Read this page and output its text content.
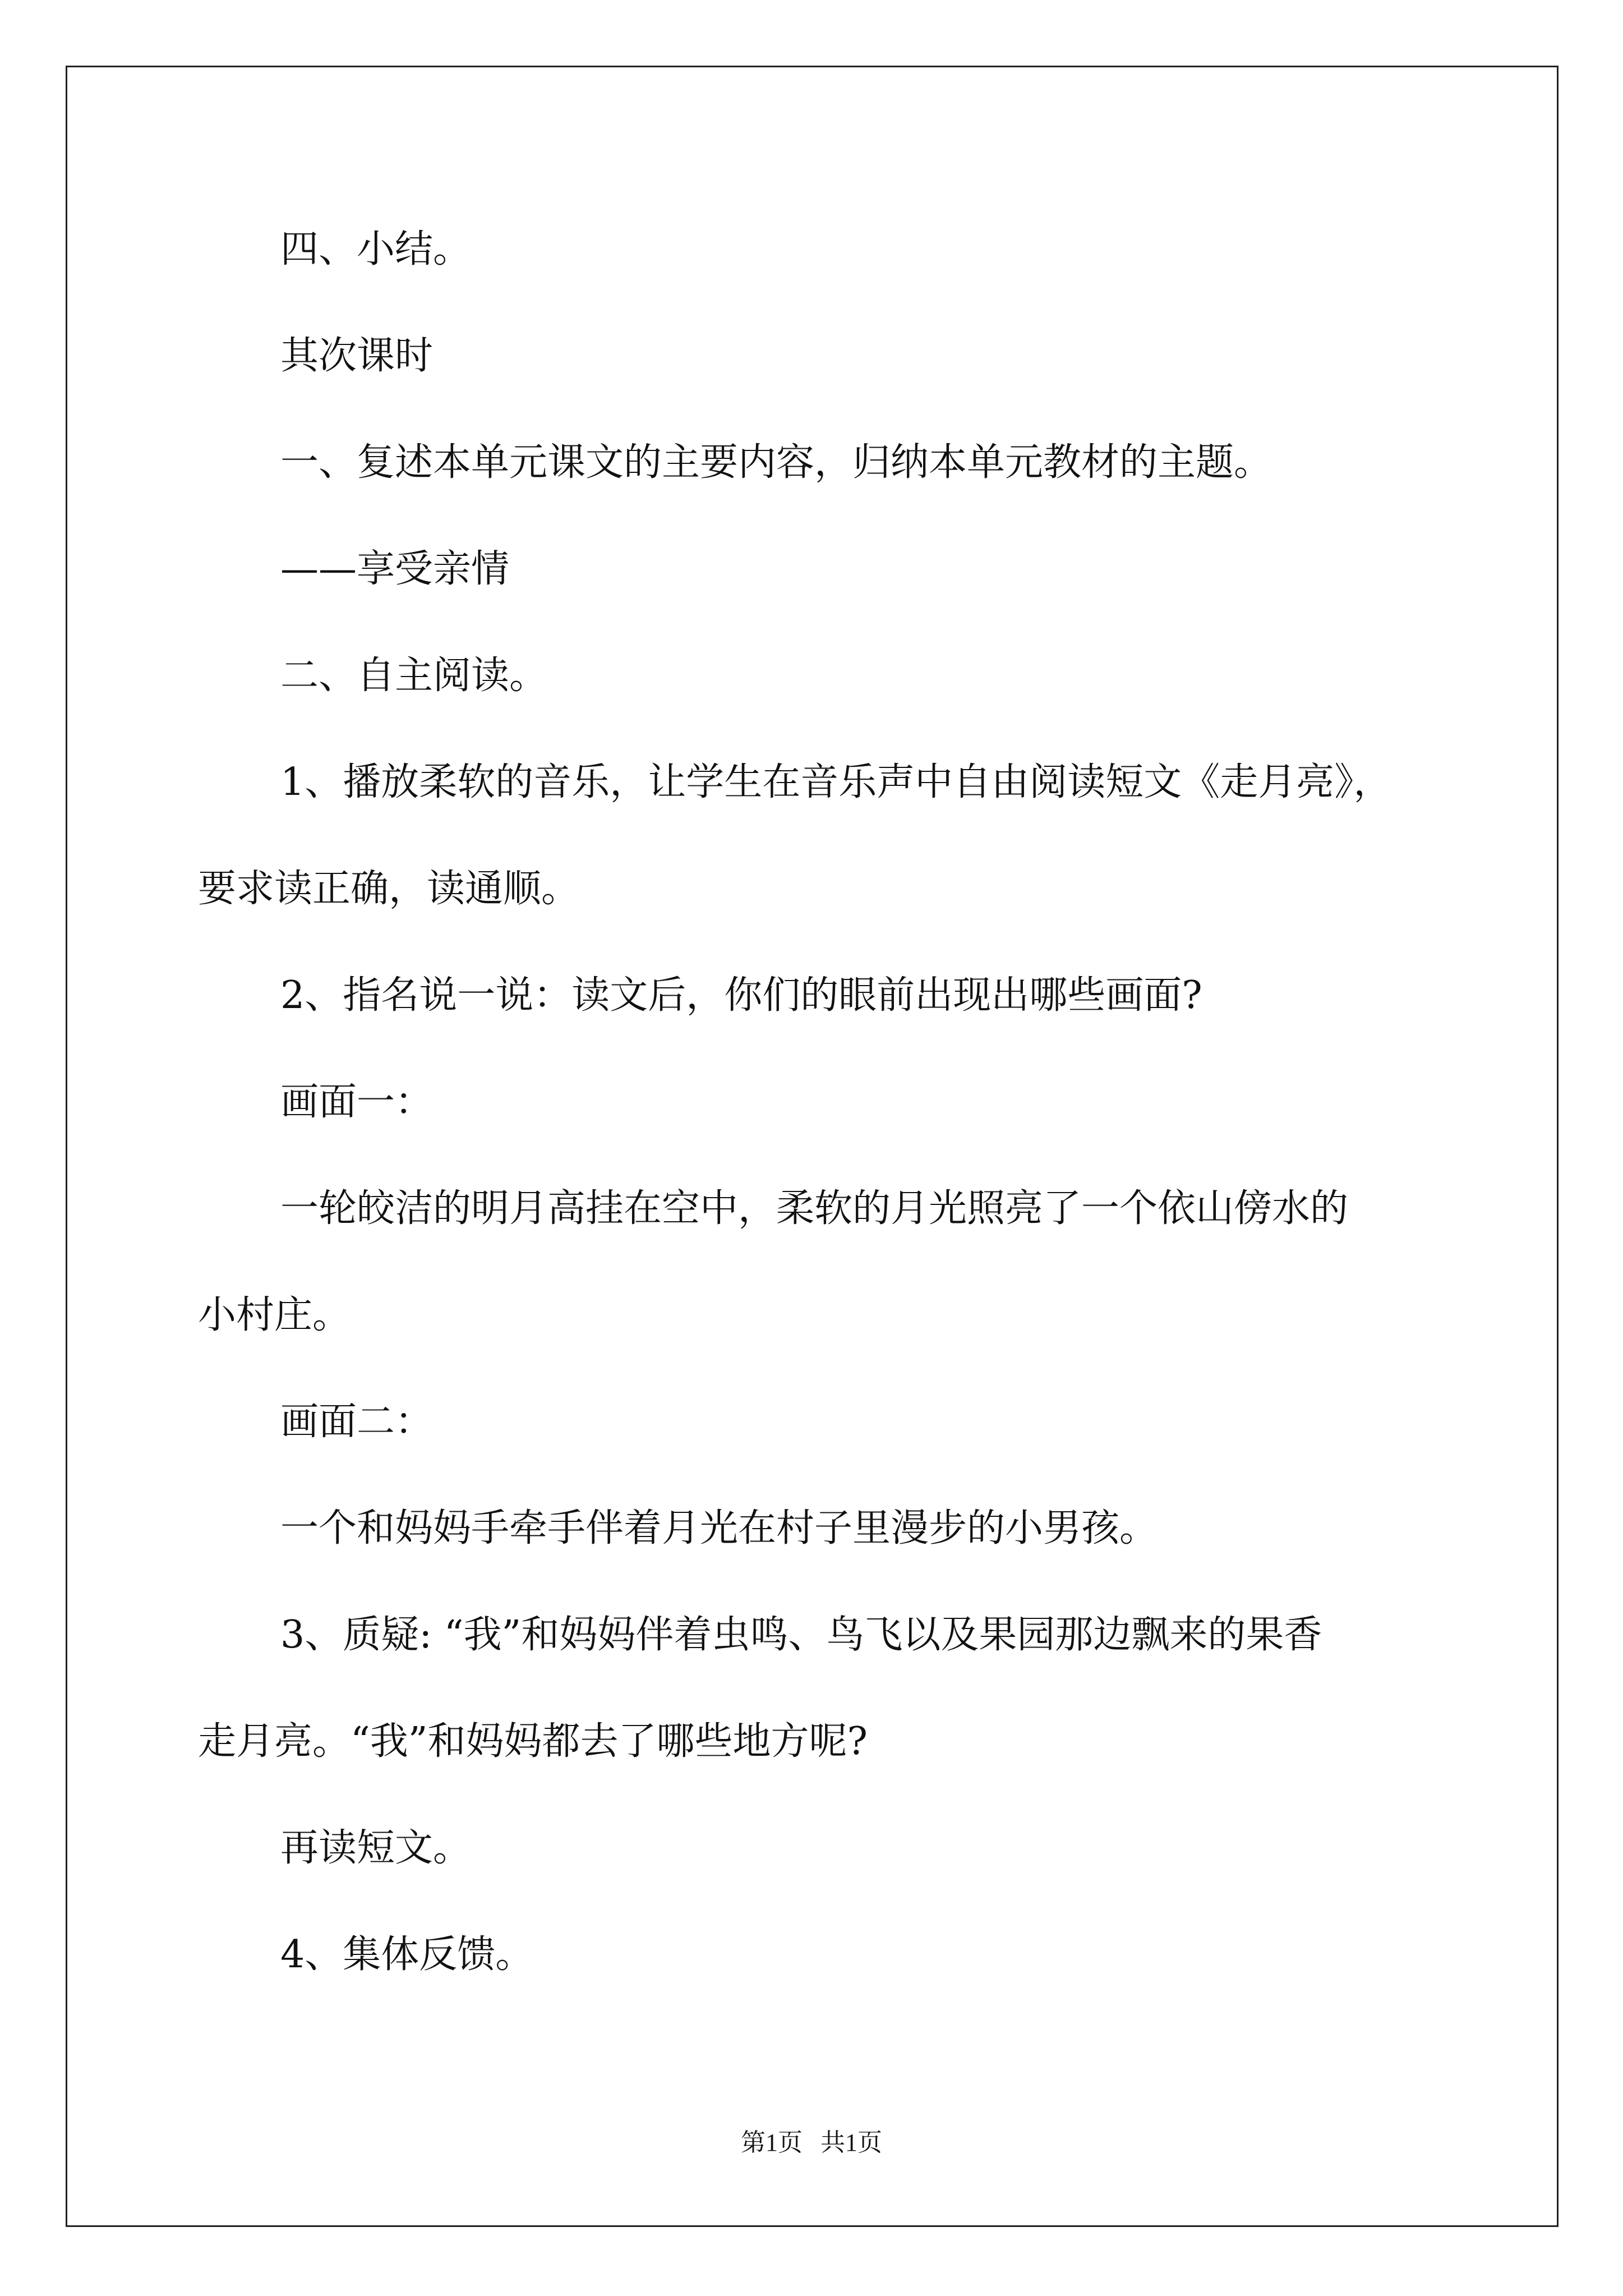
四、小结。
其次课时
一、复述本单元课文的主要内容，归纳本单元教材的主题。
——享受亲情
二、自主阅读。
1、播放柔软的音乐，让学生在音乐声中自由阅读短文《走月亮》，
要求读正确，读通顺。
2、指名说一说：读文后，你们的眼前出现出哪些画面?
画面一：
一轮皎洁的明月高挂在空中，柔软的月光照亮了一个依山傍水的
小村庄。
画面二：
一个和妈妈手牵手伴着月光在村子里漫步的小男孩。
3、质疑: “我”和妈妈伴着虫鸣、鸟飞以及果园那边飘来的果香
走月亮。“我”和妈妈都去了哪些地方呢?
再读短文。
4、集体反馈。
第1页 共1页
